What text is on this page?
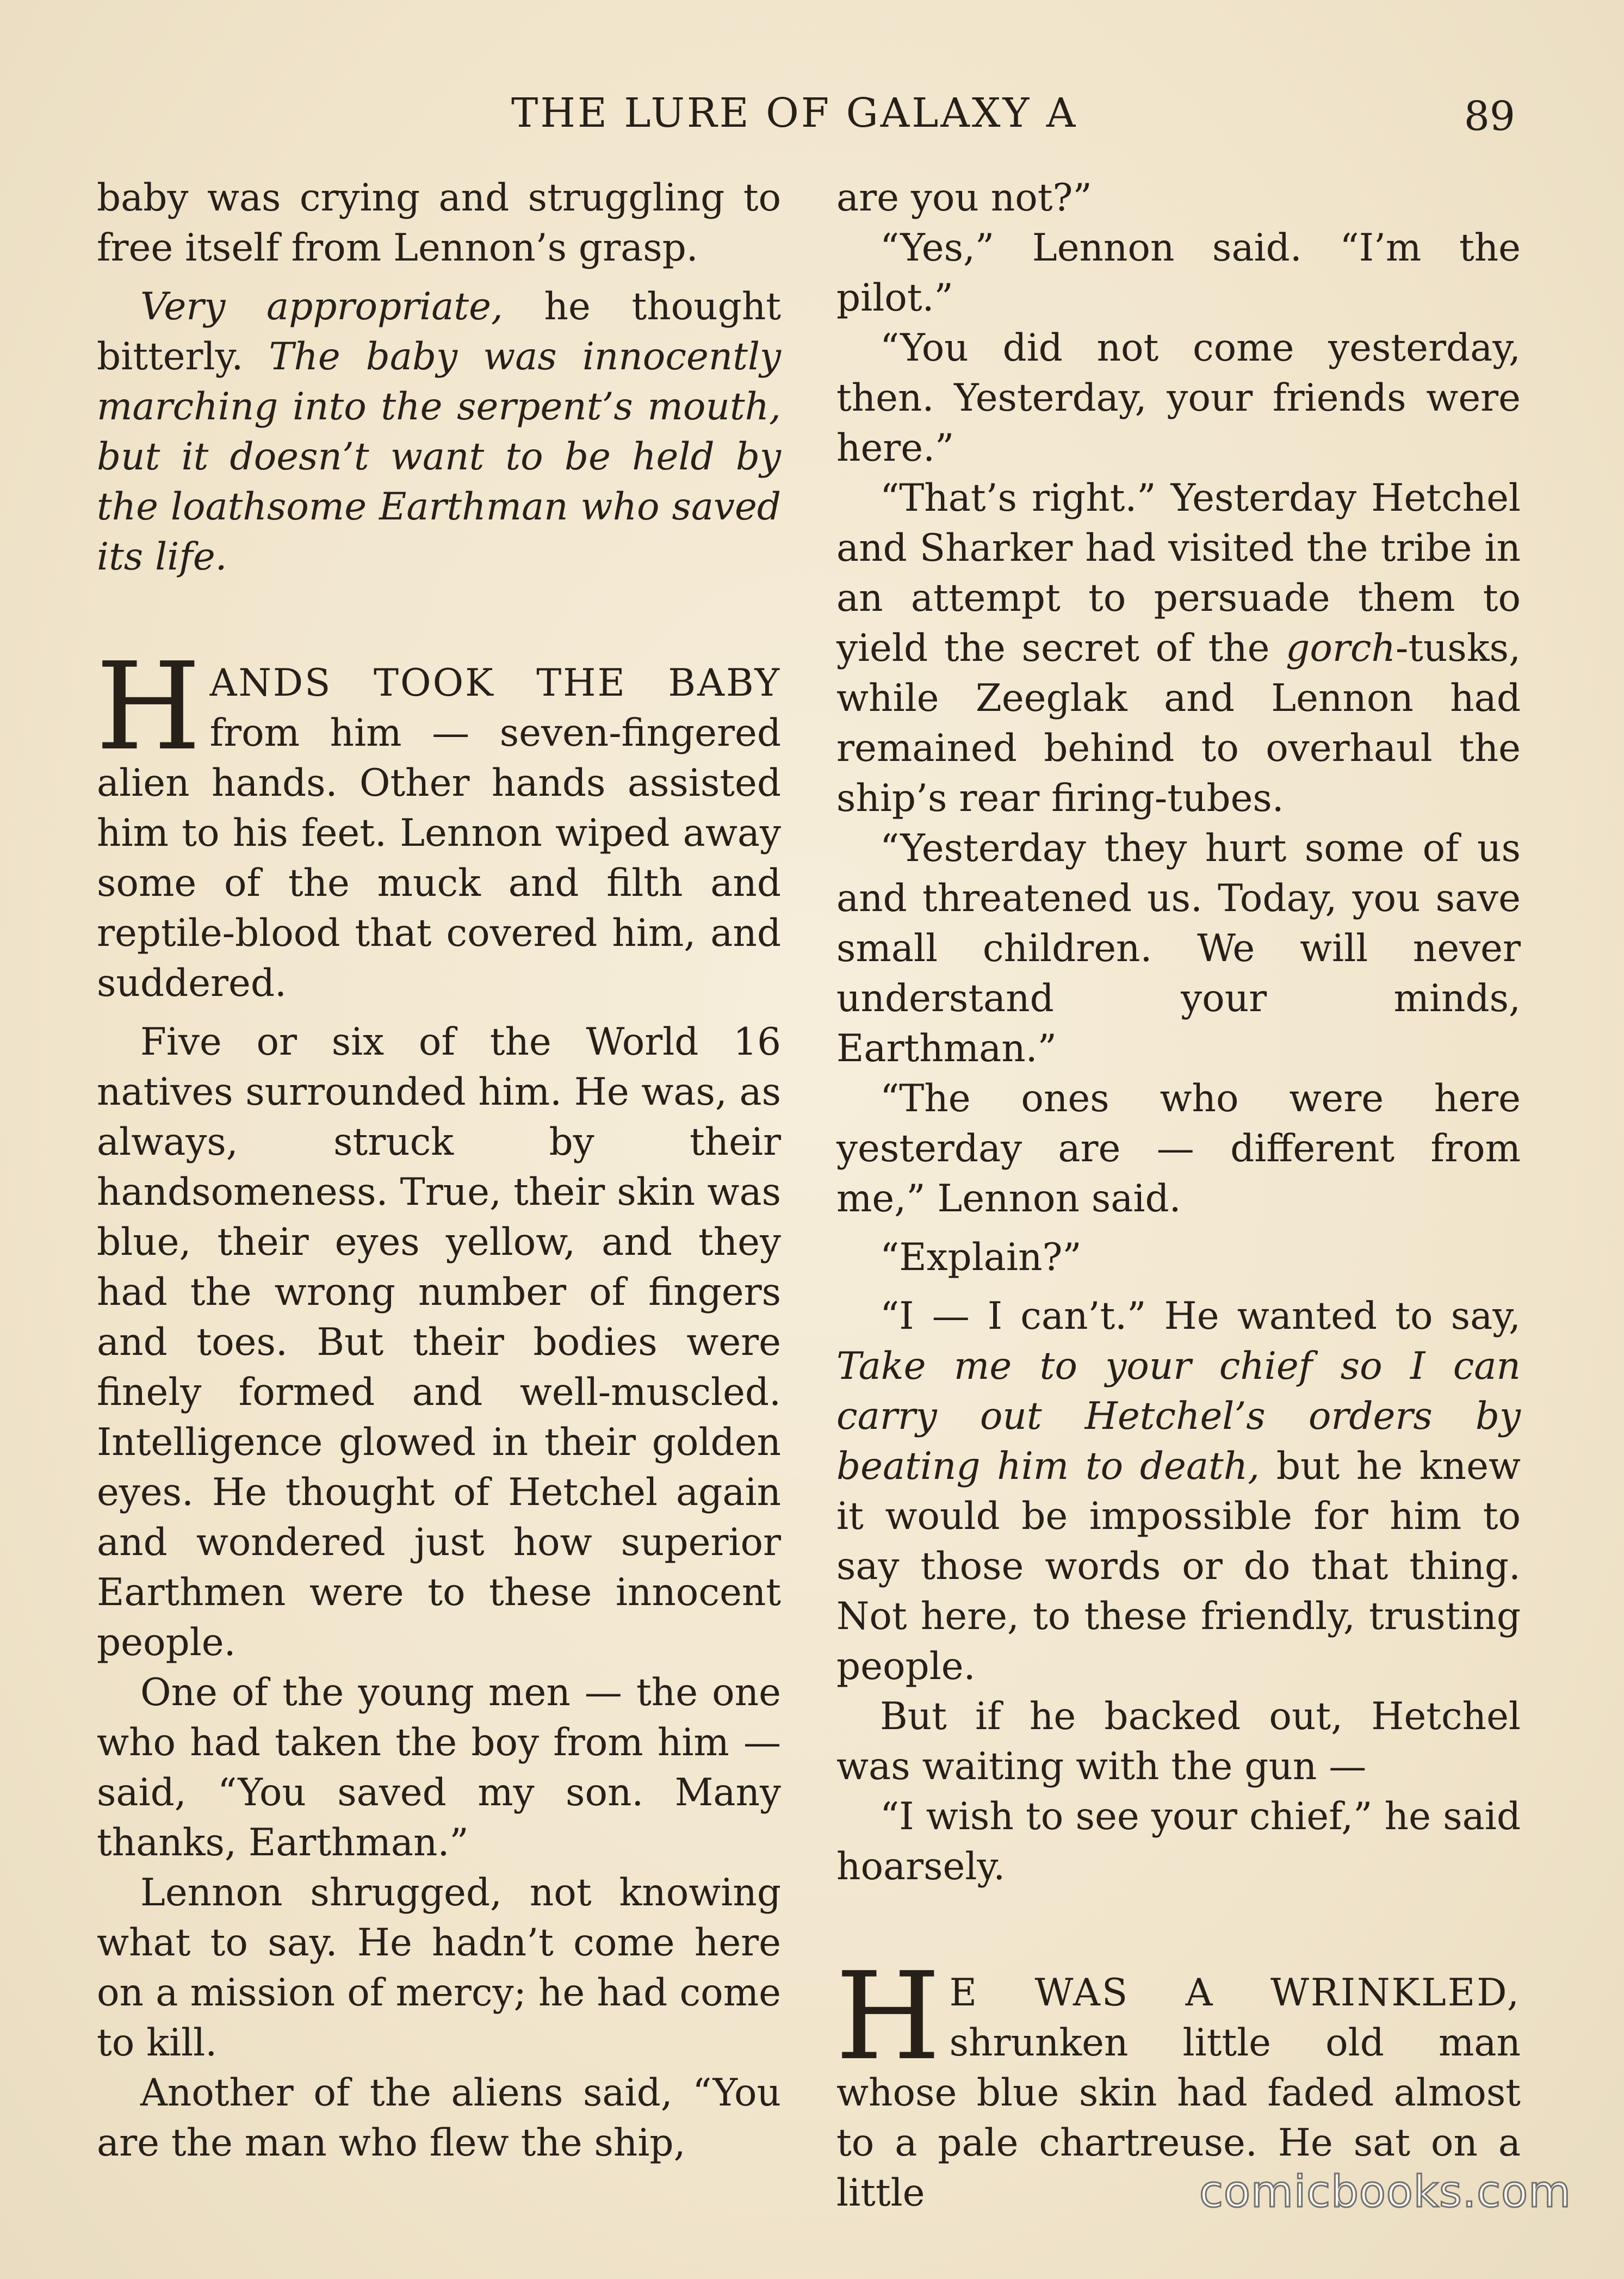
THE LURE OF GALAXY A	89

baby was crying and struggling to free itself from Lennon’s grasp.

Very appropriate, he thought bitterly. The baby was innocently marching into the serpent’s mouth, but it doesn’t want to be held by the loathsome Earthman who saved its life.

HANDS TOOK THE BABY from him — seven-fingered alien hands. Other hands assisted him to his feet. Lennon wiped away some of the muck and filth and reptile-blood that covered him, and suddered.

Five or six of the World 16 natives surrounded him. He was, as always, struck by their handsomeness. True, their skin was blue, their eyes yellow, and they had the wrong number of fingers and toes. But their bodies were finely formed and well-muscled. Intelligence glowed in their golden eyes. He thought of Hetchel again and wondered just how superior Earthmen were to these innocent people.

One of the young men — the one who had taken the boy from him — said, “You saved my son. Many thanks, Earthman.”

Lennon shrugged, not knowing what to say. He hadn’t come here on a mission of mercy; he had come to kill.

Another of the aliens said, “You are the man who flew the ship,

are you not?”

“Yes,” Lennon said. “I’m the pilot.”

“You did not come yesterday, then. Yesterday, your friends were here.”

“That’s right.” Yesterday Hetchel and Sharker had visited the tribe in an attempt to persuade them to yield the secret of the gorch-tusks, while Zeeglak and Lennon had remained behind to overhaul the ship’s rear firing-tubes.

“Yesterday they hurt some of us and threatened us. Today, you save small children. We will never understand your minds, Earthman.”

“The ones who were here yesterday are — different from me,” Lennon said.

“Explain?”

“I — I can’t.” He wanted to say, Take me to your chief so I can carry out Hetchel’s orders by beating him to death, but he knew it would be impossible for him to say those words or do that thing. Not here, to these friendly, trusting people.

But if he backed out, Hetchel was waiting with the gun —

“I wish to see your chief,” he said hoarsely.

H E WAS A WRINKLED, shrunken little old man whose blue skin had faded almost to a pale chartreuse. He sat on a little	comicbooks.com
